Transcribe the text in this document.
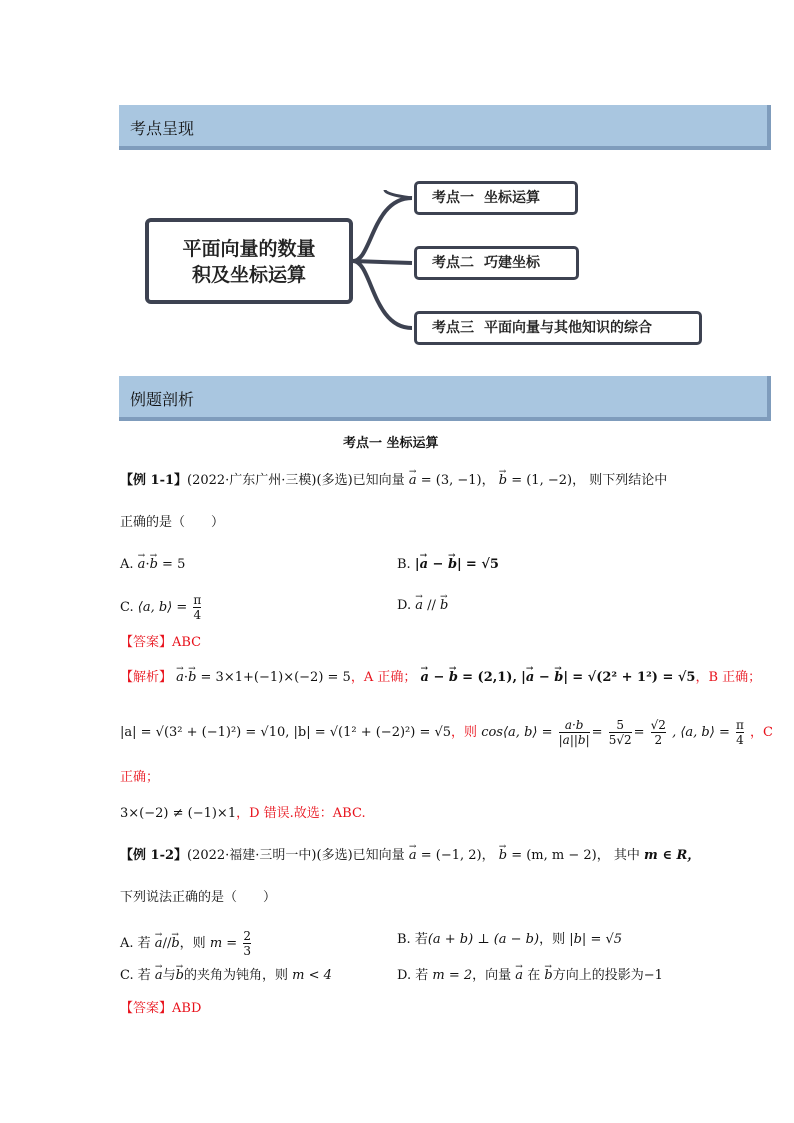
考点呈现
平面向量的数量
积及坐标运算
考点一 坐标运算
考点二 巧建坐标
考点三 平面向量与其他知识的综合
例题剖析
考点一 坐标运算
【例 1-1】(2022·广东广州·三模)(多选)已知向量 → a = (3, −1)， → b = (1, −2)， 则下列结论中
正确的是（　　）
A. → a·→ b = 5	B. |→ a − → b| = √5
C. ⟨a, b⟩ = $\frac{\pi}{4}$	D. → a // → b
【答案】ABC
【解析】 → a·→ b = 3×1+(−1)×(−2) = 5，A 正确； → a − → b = (2,1), |→ a − → b| = √(2² + 1²) = √5，B 正确；
|a| = √(3² + (−1)²) = √10, |b| = √(1² + (−2)²) = √5，则 cos⟨a, b⟩ = $\frac{a\cdot b}{|a||b|} = \frac{5}{5√2} = \frac{√2}{2}$ , ⟨a, b⟩ = $\frac{\pi}{4}$ ，C
正确；
3×(−2) ≠ (−1)×1，D 错误.故选：ABC.
【例 1-2】(2022·福建·三明一中)(多选)已知向量 → a = (−1, 2)， → b = (m, m − 2)， 其中 m ∈ R，
下列说法正确的是（　　）
A. 若 → a//→ b，则 $m = \frac{2}{3}$	B. 若(a + b) ⊥ (a − b)，则 |b| = √5
C. 若 → a与→ b的夹角为钝角，则 m < 4	D. 若 m = 2，向量 → a 在 → b方向上的投影为−1
【答案】ABD
